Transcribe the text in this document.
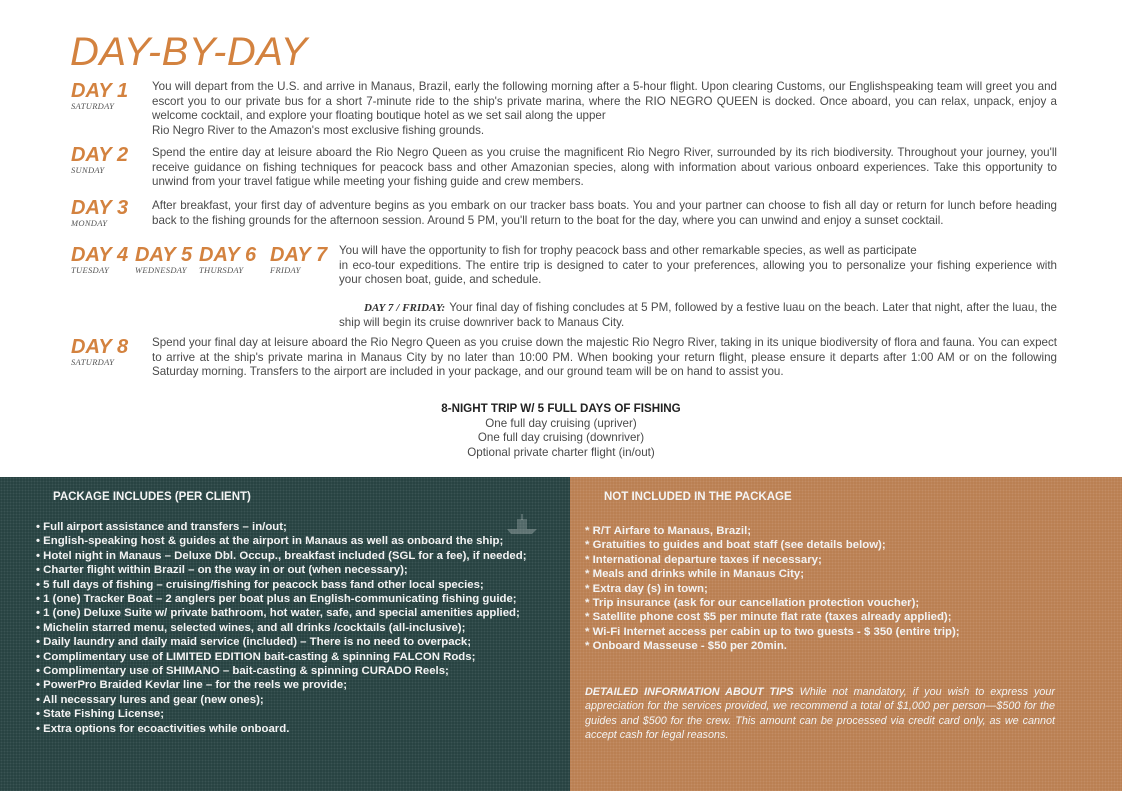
DAY-BY-DAY
DAY 1
SATURDAY
You will depart from the U.S. and arrive in Manaus, Brazil, early the following morning after a 5-hour flight. Upon clearing Customs, our Englishspeaking team will greet you and escort you to our private bus for a short 7-minute ride to the ship's private marina, where the RIO NEGRO QUEEN is docked. Once aboard, you can relax, unpack, enjoy a welcome cocktail, and explore your floating boutique hotel as we set sail along the upper
Rio Negro River to the Amazon's most exclusive fishing grounds.
DAY 2
SUNDAY
Spend the entire day at leisure aboard the Rio Negro Queen as you cruise the magnificent Rio Negro River, surrounded by its rich biodiversity. Throughout your journey, you'll receive guidance on fishing techniques for peacock bass and other Amazonian species, along with information about various onboard experiences. Take this opportunity to unwind from your travel fatigue while meeting your fishing guide and crew members.
DAY 3
MONDAY
After breakfast, your first day of adventure begins as you embark on our tracker bass boats. You and your partner can choose to fish all day or return for lunch before heading back to the fishing grounds for the afternoon session. Around 5 PM, you'll return to the boat for the day, where you can unwind and enjoy a sunset cocktail.
DAY 4
TUESDAY
DAY 5
WEDNESDAY
DAY 6
THURSDAY
DAY 7
FRIDAY
You will have the opportunity to fish for trophy peacock bass and other remarkable species, as well as participate
in eco-tour expeditions. The entire trip is designed to cater to your preferences, allowing you to personalize your fishing experience with your chosen boat, guide, and schedule.
DAY 7 / FRIDAY: Your final day of fishing concludes at 5 PM, followed by a festive luau on the beach. Later that night, after the luau, the ship will begin its cruise downriver back to Manaus City.
DAY 8
SATURDAY
Spend your final day at leisure aboard the Rio Negro Queen as you cruise down the majestic Rio Negro River, taking in its unique biodiversity of flora and fauna. You can expect to arrive at the ship's private marina in Manaus City by no later than 10:00 PM. When booking your return flight, please ensure it departs after 1:00 AM or on the following Saturday morning. Transfers to the airport are included in your package, and our ground team will be on hand to assist you.
8-NIGHT TRIP W/ 5 FULL DAYS OF FISHING
One full day cruising (upriver)
One full day cruising (downriver)
Optional private charter flight (in/out)
PACKAGE INCLUDES (PER CLIENT)
• Full airport assistance and transfers – in/out;
• English-speaking host & guides at the airport in Manaus as well as onboard the ship;
• Hotel night in Manaus – Deluxe Dbl. Occup., breakfast included (SGL for a fee), if needed;
• Charter flight within Brazil – on the way in or out (when necessary);
• 5 full days of fishing – cruising/fishing for peacock bass fand other local species;
• 1 (one) Tracker Boat – 2 anglers per boat plus an English-communicating fishing guide;
• 1 (one) Deluxe Suite w/ private bathroom, hot water, safe, and special amenities applied;
• Michelin starred menu, selected wines, and all drinks /cocktails (all-inclusive);
• Daily laundry and daily maid service (included) – There is no need to overpack;
• Complimentary use of LIMITED EDITION bait-casting & spinning FALCON Rods;
• Complimentary use of SHIMANO – bait-casting & spinning CURADO Reels;
• PowerPro Braided Kevlar line – for the reels we provide;
• All necessary lures and gear (new ones);
• State Fishing License;
• Extra options for ecoactivities while onboard.
NOT INCLUDED IN THE PACKAGE
* R/T Airfare to Manaus, Brazil;
* Gratuities to guides and boat staff (see details below);
* International departure taxes if necessary;
* Meals and drinks while in Manaus City;
* Extra day (s) in town;
* Trip insurance (ask for our cancellation protection voucher);
* Satellite phone cost $5 per minute flat rate (taxes already applied);
* Wi-Fi Internet access per cabin up to two guests - $ 350 (entire trip);
* Onboard Masseuse - $50 per 20min.
DETAILED INFORMATION ABOUT TIPS While not mandatory, if you wish to express your appreciation for the services provided, we recommend a total of $1,000 per person—$500 for the guides and $500 for the crew. This amount can be processed via credit card only, as we cannot accept cash for legal reasons.
